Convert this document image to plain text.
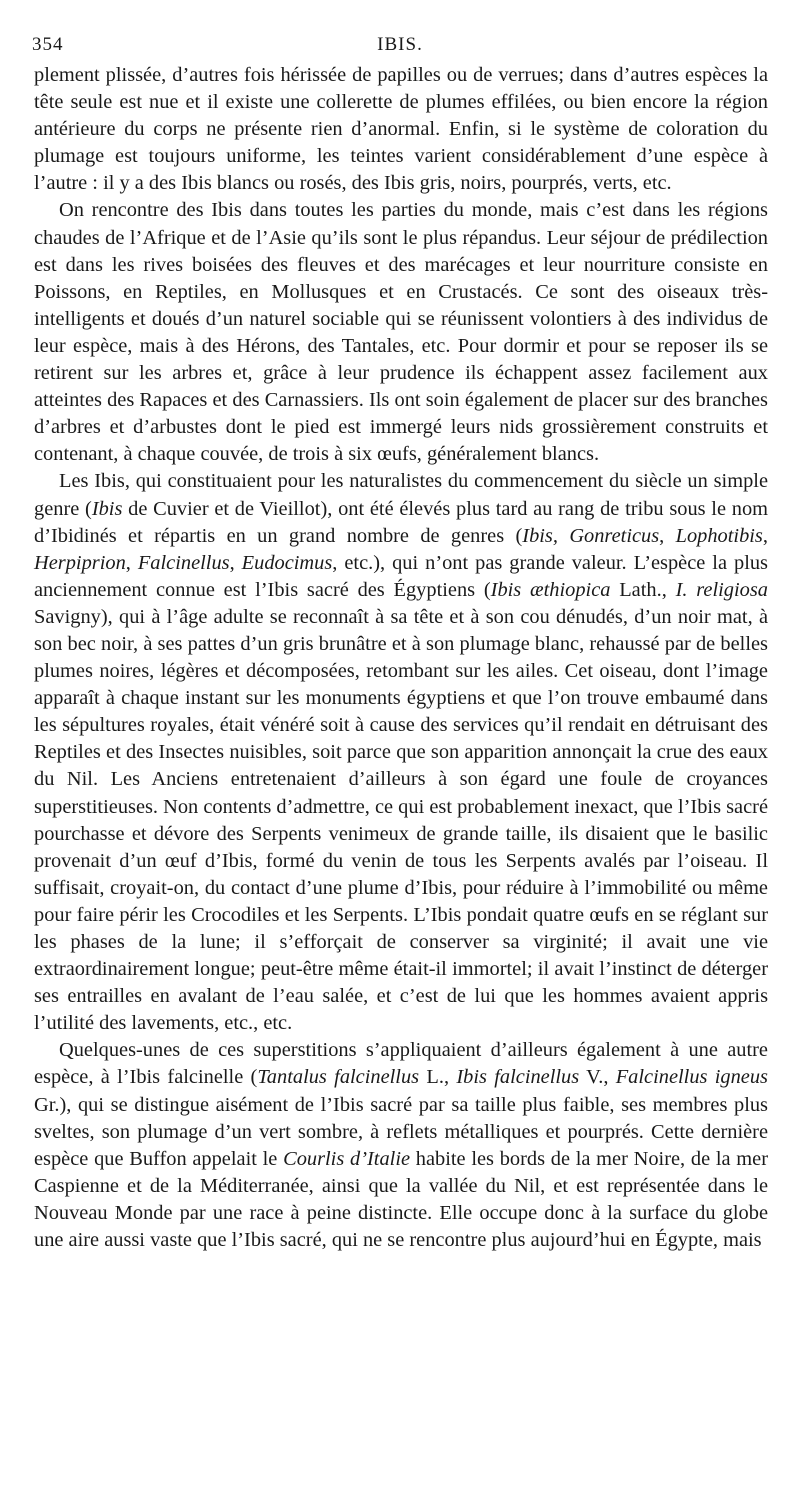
354	IBIS.

plement plissée, d’autres fois hérissée de papilles ou de verrues; dans d’autres espèces la tête seule est nue et il existe une collerette de plumes effilées, ou bien encore la région antérieure du corps ne présente rien d’anormal. Enfin, si le système de coloration du plumage est toujours uniforme, les teintes varient considérablement d’une espèce à l’autre : il y a des Ibis blancs ou rosés, des Ibis gris, noirs, pourprés, verts, etc.

On rencontre des Ibis dans toutes les parties du monde, mais c’est dans les régions chaudes de l’Afrique et de l’Asie qu’ils sont le plus répandus. Leur séjour de prédilection est dans les rives boisées des fleuves et des marécages et leur nourriture consiste en Poissons, en Reptiles, en Mollusques et en Crustacés. Ce sont des oiseaux très-intelligents et doués d’un naturel sociable qui se réunissent volontiers à des individus de leur espèce, mais à des Hérons, des Tantales, etc. Pour dormir et pour se reposer ils se retirent sur les arbres et, grâce à leur prudence ils échappent assez facilement aux atteintes des Rapaces et des Carnassiers. Ils ont soin également de placer sur des branches d’arbres et d’arbustes dont le pied est immergé leurs nids grossièrement construits et contenant, à chaque couvée, de trois à six œufs, généralement blancs.

Les Ibis, qui constituaient pour les naturalistes du commencement du siècle un simple genre (Ibis de Cuvier et de Vieillot), ont été élevés plus tard au rang de tribu sous le nom d’Ibidinés et répartis en un grand nombre de genres (Ibis, Gonreticus, Lophotibis, Herpiprion, Falcinellus, Eudocimus, etc.), qui n’ont pas grande valeur. L’espèce la plus anciennement connue est l’Ibis sacré des Égyptiens (Ibis æthiopica Lath., I. religiosa Savigny), qui à l’âge adulte se reconnaît à sa tête et à son cou dénudés, d’un noir mat, à son bec noir, à ses pattes d’un gris brunâtre et à son plumage blanc, rehaussé par de belles plumes noires, légères et décomposées, retombant sur les ailes. Cet oiseau, dont l’image apparaît à chaque instant sur les monuments égyptiens et que l’on trouve embaumé dans les sépultures royales, était vénéré soit à cause des services qu’il rendait en détruisant des Reptiles et des Insectes nuisibles, soit parce que son apparition annonçait la crue des eaux du Nil. Les Anciens entretenaient d’ailleurs à son égard une foule de croyances superstitieuses. Non contents d’admettre, ce qui est probablement inexact, que l’Ibis sacré pourchasse et dévore des Serpents venimeux de grande taille, ils disaient que le basilic provenait d’un œuf d’Ibis, formé du venin de tous les Serpents avalés par l’oiseau. Il suffisait, croyait-on, du contact d’une plume d’Ibis, pour réduire à l’immobilité ou même pour faire périr les Crocodiles et les Serpents. L’Ibis pondait quatre œufs en se réglant sur les phases de la lune; il s’efforçait de conserver sa virginité; il avait une vie extraordinairement longue; peut-être même était-il immortel; il avait l’instinct de déterger ses entrailles en avalant de l’eau salée, et c’est de lui que les hommes avaient appris l’utilité des lavements, etc., etc.

Quelques-unes de ces superstitions s’appliquaient d’ailleurs également à une autre espèce, à l’Ibis falcinelle (Tantalus falcinellus L., Ibis falcinellus V., Falcinellus igneus Gr.), qui se distingue aisément de l’Ibis sacré par sa taille plus faible, ses membres plus sveltes, son plumage d’un vert sombre, à reflets métalliques et pourprés. Cette dernière espèce que Buffon appelait le Courlis d’Italie habite les bords de la mer Noire, de la mer Caspienne et de la Méditerranée, ainsi que la vallée du Nil, et est représentée dans le Nouveau Monde par une race à peine distincte. Elle occupe donc à la surface du globe une aire aussi vaste que l’Ibis sacré, qui ne se rencontre plus aujourd’hui en Égypte, mais
